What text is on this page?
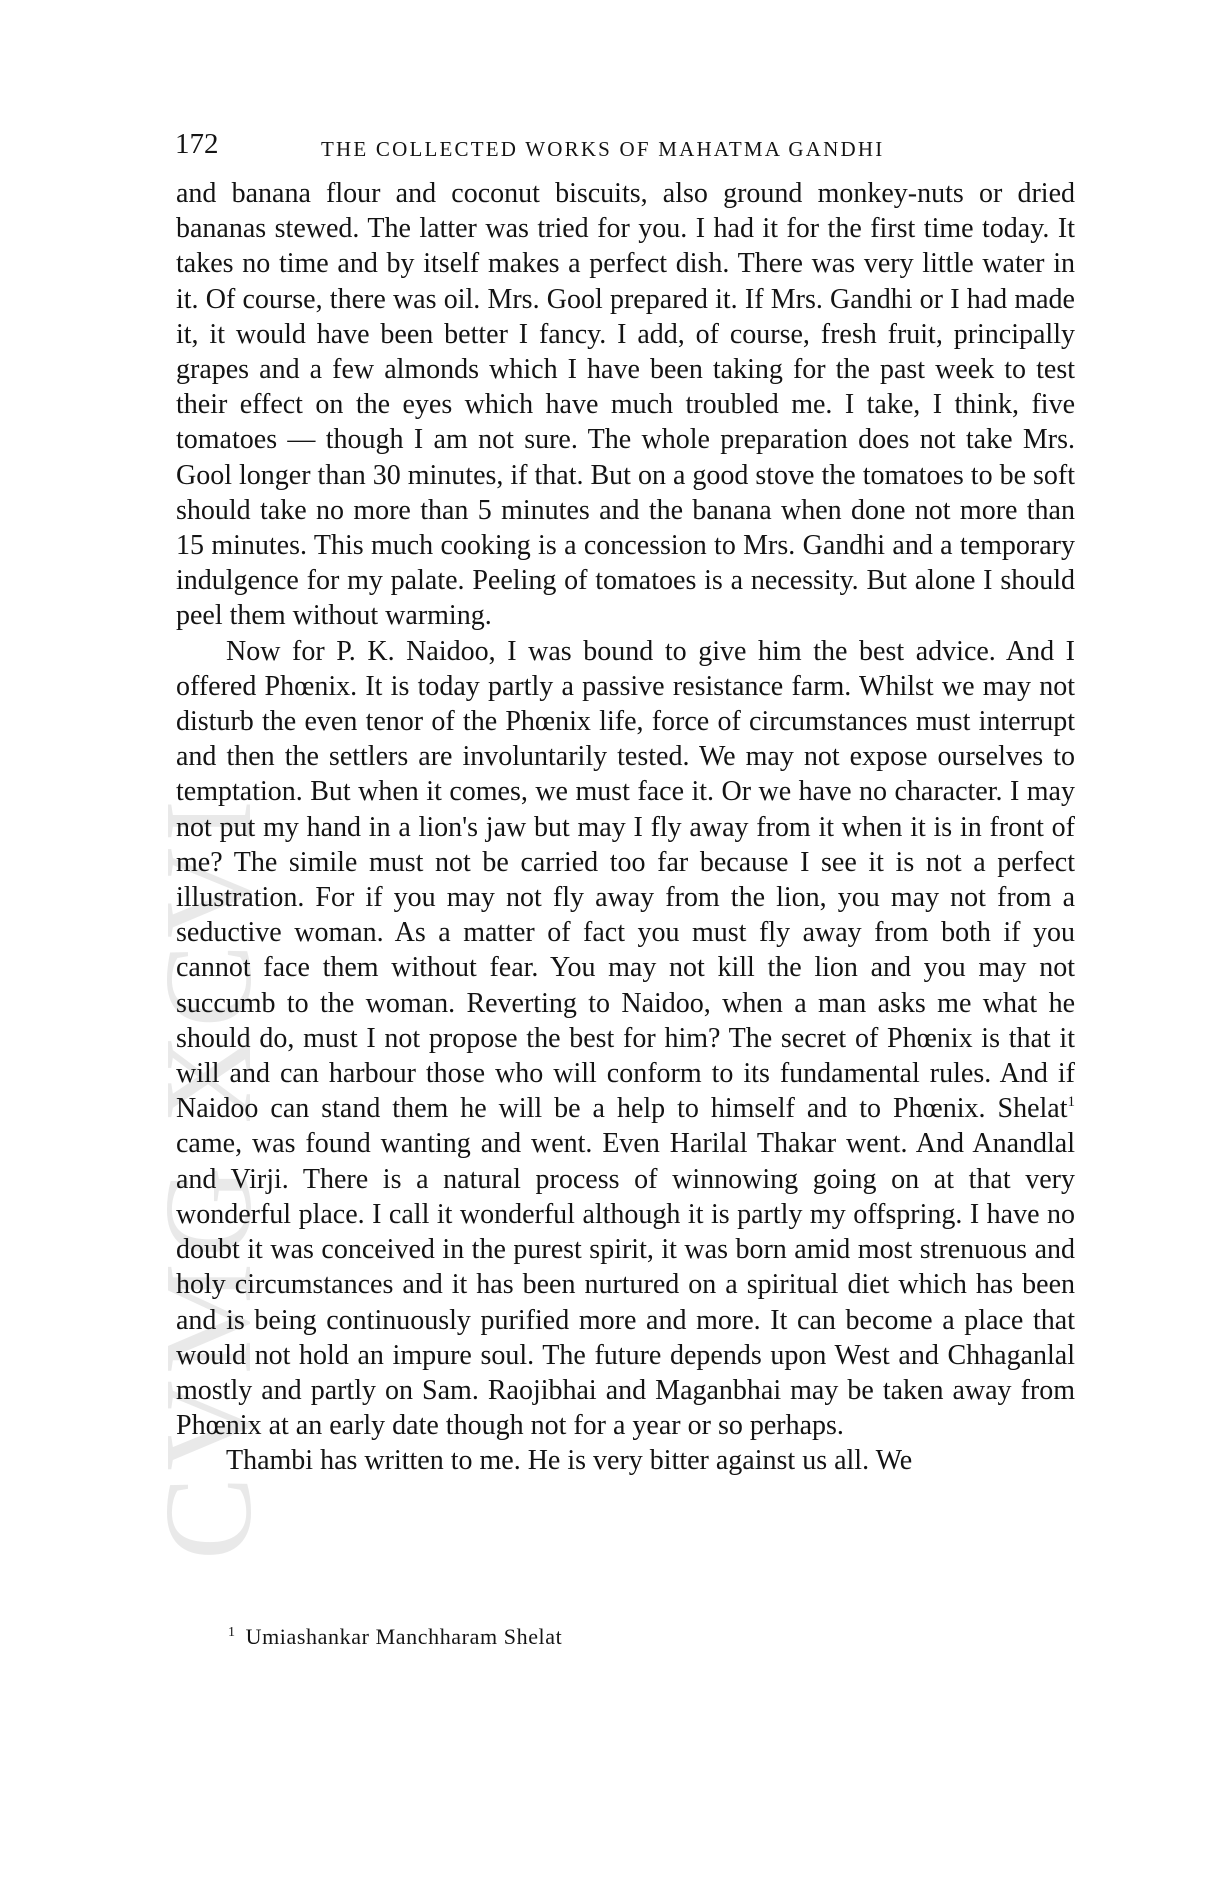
CVMG XCVI
172	THE COLLECTED WORKS OF MAHATMA GANDHI

and banana flour and coconut biscuits, also ground monkey-nuts or dried bananas stewed. The latter was tried for you. I had it for the first time today. It takes no time and by itself makes a perfect dish. There was very little water in it. Of course, there was oil. Mrs. Gool prepared it. If Mrs. Gandhi or I had made it, it would have been better I fancy. I add, of course, fresh fruit, principally grapes and a few almonds which I have been taking for the past week to test their effect on the eyes which have much troubled me. I take, I think, five tomatoes — though I am not sure. The whole preparation does not take Mrs. Gool longer than 30 minutes, if that. But on a good stove the tomatoes to be soft should take no more than 5 minutes and the banana when done not more than 15 minutes. This much cooking is a concession to Mrs. Gandhi and a temporary indulgence for my palate. Peeling of tomatoes is a necessity. But alone I should peel them without warming.

Now for P. K. Naidoo, I was bound to give him the best advice. And I offered Phœnix. It is today partly a passive resistance farm. Whilst we may not disturb the even tenor of the Phœnix life, force of circumstances must interrupt and then the settlers are involuntarily tested. We may not expose ourselves to temptation. But when it comes, we must face it. Or we have no character. I may not put my hand in a lion's jaw but may I fly away from it when it is in front of me? The simile must not be carried too far because I see it is not a perfect illustration. For if you may not fly away from the lion, you may not from a seductive woman. As a matter of fact you must fly away from both if you cannot face them without fear. You may not kill the lion and you may not succumb to the woman. Reverting to Naidoo, when a man asks me what he should do, must I not propose the best for him? The secret of Phœnix is that it will and can harbour those who will conform to its fundamental rules. And if Naidoo can stand them he will be a help to himself and to Phœnix. Shelat$^1$ came, was found wanting and went. Even Harilal Thakar went. And Anandlal and Virji. There is a natural process of winnowing going on at that very wonderful place. I call it wonderful although it is partly my offspring. I have no doubt it was conceived in the purest spirit, it was born amid most strenuous and holy circumstances and it has been nurtured on a spiritual diet which has been and is being continuously purified more and more. It can become a place that would not hold an impure soul. The future depends upon West and Chhaganlal mostly and partly on Sam. Raojibhai and Maganbhai may be taken away from Phœnix at an early date though not for a year or so perhaps.

Thambi has written to me. He is very bitter against us all. We

$^1$ Umiashankar Manchharam Shelat
